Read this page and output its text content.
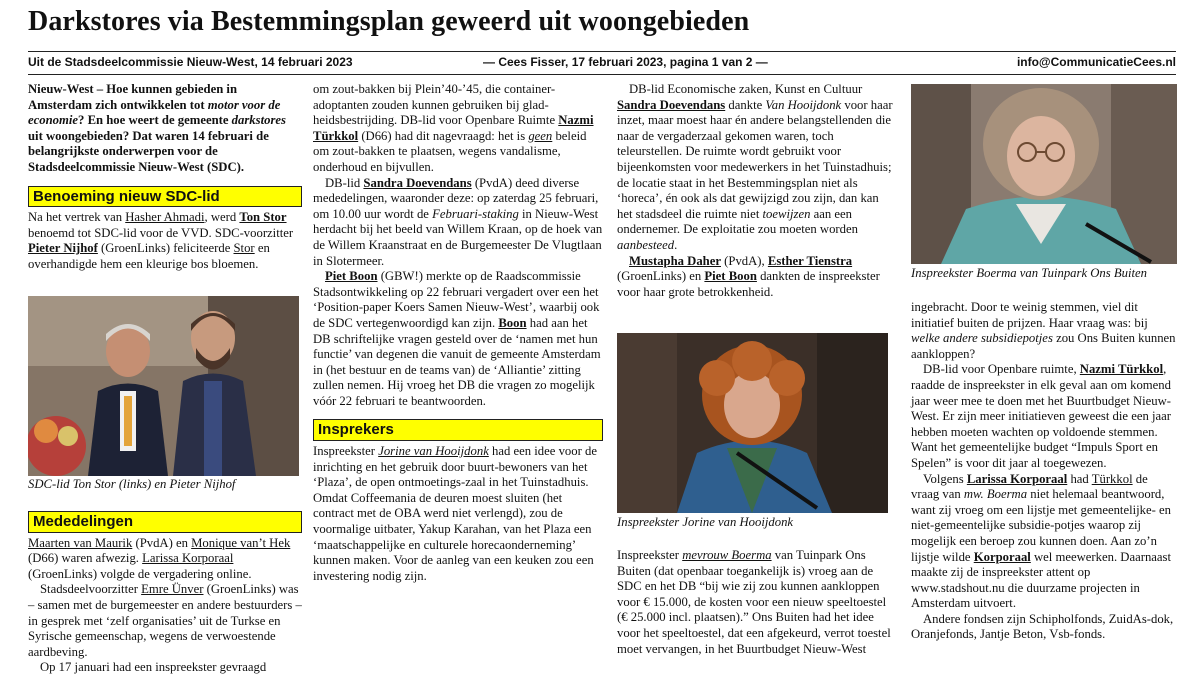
Darkstores via Bestemmingsplan geweerd uit woongebieden
Uit de Stadsdeelcommissie Nieuw-West, 14 februari 2023	— Cees Fisser, 17 februari 2023, pagina 1 van 2 —	info@CommunicatieCees.nl

Nieuw-West – Hoe kunnen gebieden in Amsterdam zich ontwikkelen tot motor voor de economie? En hoe weert de gemeente darkstores uit woongebieden? Dat waren 14 februari de belangrijkste onderwerpen voor de Stadsdeelcommissie Nieuw-West (SDC).

Benoeming nieuw SDC-lid

Na het vertrek van Hasher Ahmadi, werd Ton Stor benoemd tot SDC-lid voor de VVD. SDC-voorzitter Pieter Nijhof (GroenLinks) feliciteerde Stor en overhandigde hem een kleurige bos bloemen.

SDC-lid Ton Stor (links) en Pieter Nijhof
Mededelingen

Maarten van Maurik (PvdA) en Monique van’t Hek (D66) waren afwezig. Larissa Korporaal (GroenLinks) volgde de vergadering online.

Stadsdeelvoorzitter Emre Ünver (GroenLinks) was – samen met de burgemeester en andere bestuurders – in gesprek met ‘zelf organisaties’ uit de Turkse en Syrische gemeenschap, wegens de verwoestende aardbeving.

Op 17 januari had een inspreekster gevraagd

om zout-bakken bij Plein’40-’45, die container-adoptanten zouden kunnen gebruiken bij glad-heidsbestrijding. DB-lid voor Openbare Ruimte Nazmi Türkkol (D66) had dit nagevraagd: het is geen beleid om zout-bakken te plaatsen, wegens vandalisme, onderhoud en bijvullen.

DB-lid Sandra Doevendans (PvdA) deed diverse mededelingen, waaronder deze: op zaterdag 25 februari, om 10.00 uur wordt de Februari-staking in Nieuw-West herdacht bij het beeld van Willem Kraan, op de hoek van de Willem Kraanstraat en de Burgemeester De Vlugtlaan in Slotermeer.

Piet Boon (GBW!) merkte op de Raadscommissie Stadsontwikkeling op 22 februari vergadert over een het ‘Position-paper Koers Samen Nieuw-West’, waarbij ook de SDC vertegenwoordigd kan zijn. Boon had aan het DB schriftelijke vragen gesteld over de ‘namen met hun functie’ van degenen die vanuit de gemeente Amsterdam in (het bestuur en de teams van) de ‘Alliantie’ zitting zullen nemen. Hij vroeg het DB die vragen zo mogelijk vóór 22 februari te beantwoorden.

Insprekers

Inspreekster Jorine van Hooijdonk had een idee voor de inrichting en het gebruik door buurt-bewoners van het ‘Plaza’, de open ontmoetings-zaal in het Tuinstadhuis. Omdat Coffeemania de deuren moest sluiten (het contract met de OBA werd niet verlengd), zou de voormalige uitbater, Yakup Karahan, van het Plaza een ‘maatschappelijke en culturele horecaonderneming’ kunnen maken. Voor de aanleg van een keuken zou een investering nodig zijn.

DB-lid Economische zaken, Kunst en Cultuur Sandra Doevendans dankte Van Hooijdonk voor haar inzet, maar moest haar én andere belangstellenden die naar de vergaderzaal gekomen waren, toch teleurstellen. De ruimte wordt gebruikt voor bijeenkomsten voor medewerkers in het Tuinstadhuis; de locatie staat in het Bestemmingsplan niet als ‘horeca’, én ook als dat gewijzigd zou zijn, dan kan het stadsdeel die ruimte niet toewijzen aan een ondernemer. De exploitatie zou moeten worden aanbesteed.

Mustapha Daher (PvdA), Esther Tienstra (GroenLinks) en Piet Boon dankten de inspreekster voor haar grote betrokkenheid.

Inspreekster Jorine van Hooijdonk

Inspreekster mevrouw Boerma van Tuinpark Ons Buiten (dat openbaar toegankelijk is) vroeg aan de SDC en het DB “bij wie zij zou kunnen aankloppen voor € 15.000, de kosten voor een nieuw speeltoestel (€ 25.000 incl. plaatsen).” Ons Buiten had het idee voor het speeltoestel, dat een afgekeurd, verrot toestel moet vervangen, in het Buurtbudget Nieuw-West

Inspreekster Boerma van Tuinpark Ons Buiten

ingebracht. Door te weinig stemmen, viel dit initiatief buiten de prijzen. Haar vraag was: bij welke andere subsidiepotjes zou Ons Buiten kunnen aankloppen?

DB-lid voor Openbare ruimte, Nazmi Türkkol, raadde de inspreekster in elk geval aan om komend jaar weer mee te doen met het Buurtbudget Nieuw-West. Er zijn meer initiatieven geweest die een jaar hebben moeten wachten op voldoende stemmen. Want het gemeentelijke budget “Impuls Sport en Spelen” is voor dit jaar al toegewezen.

Volgens Larissa Korporaal had Türkkol de vraag van mw. Boerma niet helemaal beantwoord, want zij vroeg om een lijstje met gemeentelijke- en niet-gemeentelijke subsidie-potjes waarop zij mogelijk een beroep zou kunnen doen. Aan zo’n lijstje wilde Korporaal wel meewerken. Daarnaast maakte zij de inspreekster attent op www.stadshout.nu die duurzame projecten in Amsterdam uitvoert.

Andere fondsen zijn Schipholfonds, ZuidAs-dok, Oranjefonds, Jantje Beton, Vsb-fonds.
